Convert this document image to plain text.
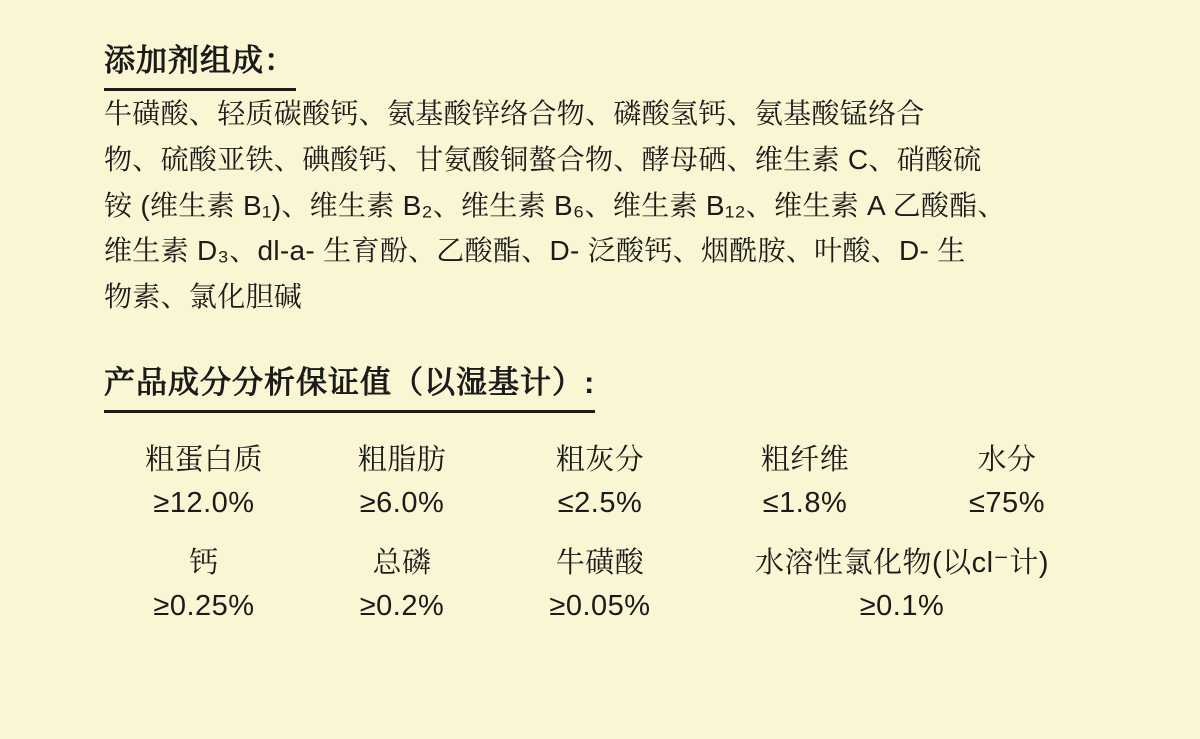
添加剂组成：
牛磺酸、轻质碳酸钙、氨基酸锌络合物、磷酸氢钙、氨基酸锰络合
物、硫酸亚铁、碘酸钙、甘氨酸铜螯合物、酵母硒、维生素 C、硝酸硫
铵 (维生素 B₁)、维生素 B₂、维生素 B₆、维生素 B₁₂、维生素 A 乙酸酯、
维生素 D₃、dl-a- 生育酚、乙酸酯、D- 泛酸钙、烟酰胺、叶酸、D- 生
物素、氯化胆碱
产品成分分析保证值（以湿基计）:
粗蛋白质
≥12.0%
粗脂肪
≥6.0%
粗灰分
≤2.5%
粗纤维
≤1.8%
水分
≤75%
钙
≥0.25%
总磷
≥0.2%
牛磺酸
≥0.05%
水溶性氯化物(以cl⁻计)
≥0.1%
